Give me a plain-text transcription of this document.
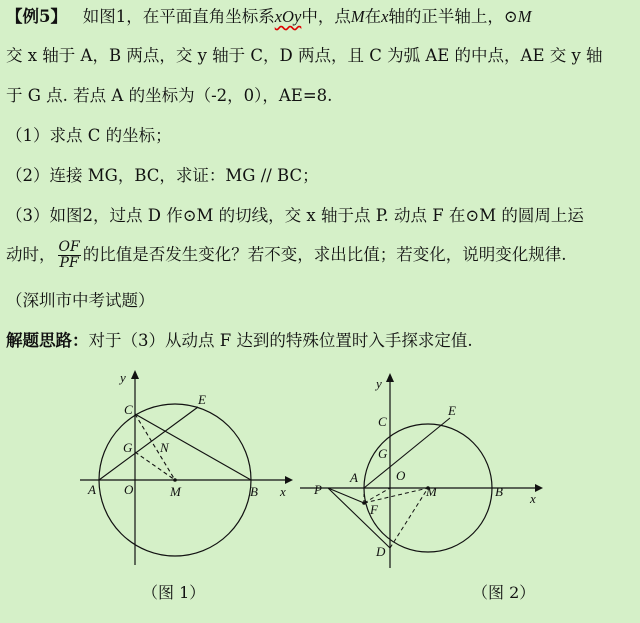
【例5】 如图1，在平面直角坐标系xOy中，点M在x轴的正半轴上，⊙M
交 x 轴于 A，B 两点，交 y 轴于 C，D 两点，且 C 为弧 AE 的中点，AE 交 y 轴
于 G 点. 若点 A 的坐标为（-2，0），AE=8.
（1）求点 C 的坐标；
（2）连接 MG，BC，求证：MG // BC；
（3）如图2，过点 D 作⊙M 的切线，交 x 轴于点 P. 动点 F 在⊙M 的圆周上运
动时， $\frac{OF}{PF}$ 的比值是否发生变化？若不变，求出比值；若变化，说明变化规律.
（深圳市中考试题）
解题思路：对于（3）从动点 F 达到的特殊位置时入手探求定值.
y
x
C
E
G N
A O	M	B
（图 1）
y
x
C
E
G
O
A
P	M	B
F
D
（图 2）
